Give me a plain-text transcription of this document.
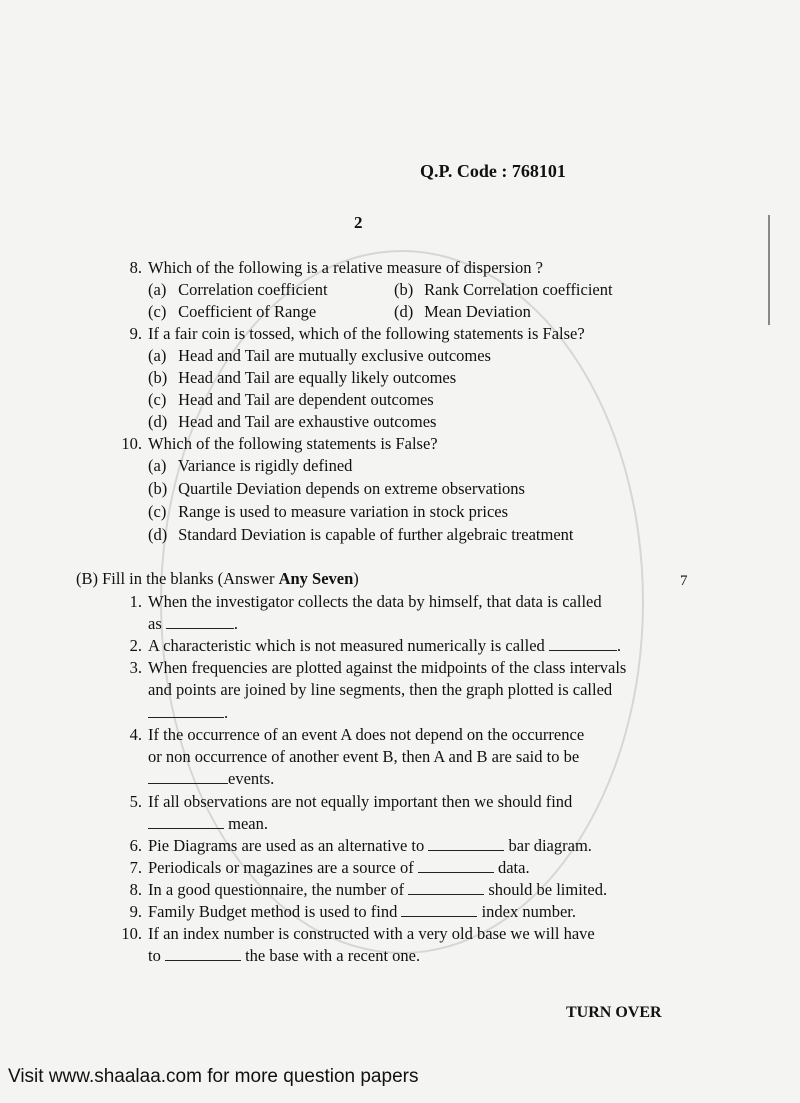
Q.P. Code : 768101
2
8. Which of the following is a relative measure of dispersion ?
(a) Correlation coefficient	(b) Rank Correlation coefficient
(c) Coefficient of Range	(d) Mean Deviation
9. If a fair coin is tossed, which of the following statements is False?
(a) Head and Tail are mutually exclusive outcomes
(b) Head and Tail are equally likely outcomes
(c) Head and Tail are dependent outcomes
(d) Head and Tail are exhaustive outcomes
10. Which of the following statements is False?
(a) Variance is rigidly defined
(b) Quartile Deviation depends on extreme observations
(c) Range is used to measure variation in stock prices
(d) Standard Deviation is capable of further algebraic treatment
(B) Fill in the blanks (Answer Any Seven)	7
1. When the investigator collects the data by himself, that data is called
as	.
2. A characteristic which is not measured numerically is called	.
3. When frequencies are plotted against the midpoints of the class intervals
and points are joined by line segments, then the graph plotted is called
.
4. If the occurrence of an event A does not depend on the occurrence
or non occurrence of another event B, then A and B are said to be
events.
5. If all observations are not equally important then we should find
mean.
6. Pie Diagrams are used as an alternative to	bar diagram.
7. Periodicals or magazines are a source of	data.
8. In a good questionnaire, the number of	should be limited.
9. Family Budget method is used to find	index number.
10. If an index number is constructed with a very old base we will have
to	the base with a recent one.
TURN OVER
Visit www.shaalaa.com for more question papers
